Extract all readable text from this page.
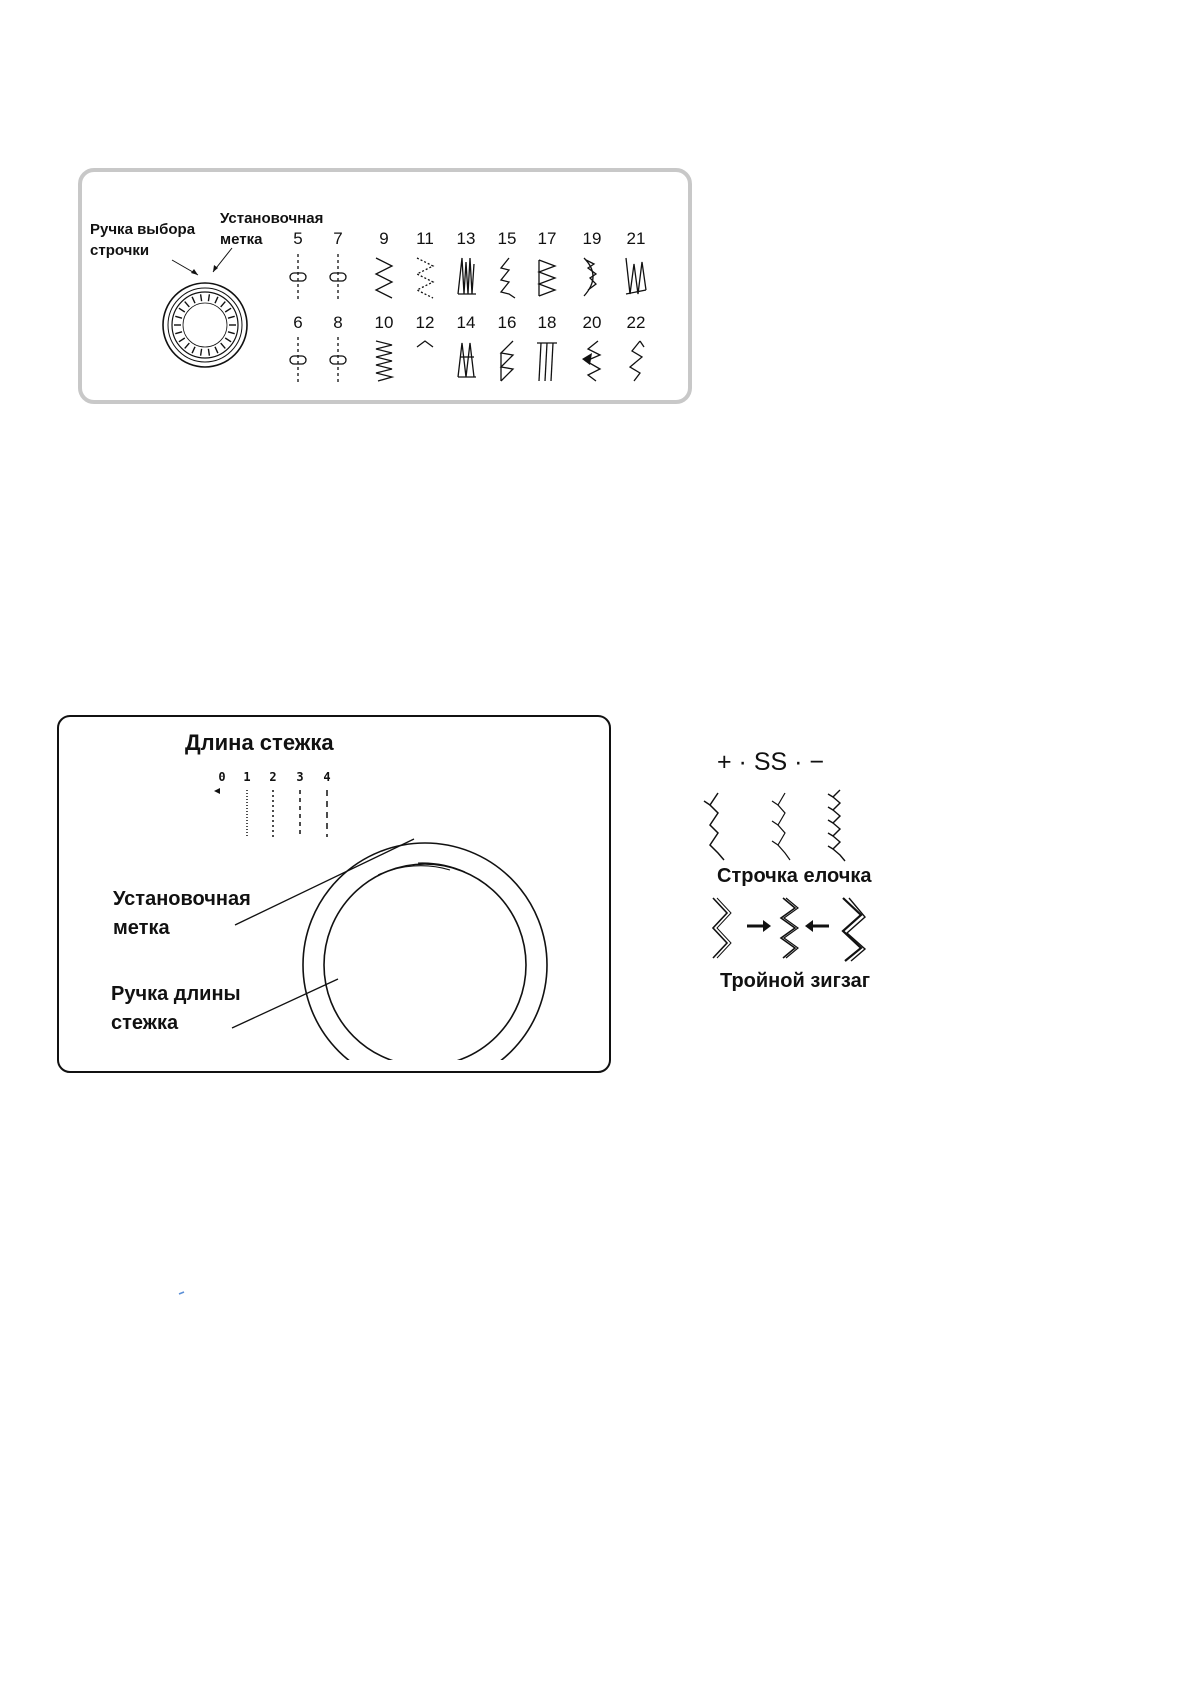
Ручка выбора
строчки
Установочная
метка	5	7	9	11	13	15	17	19	21
6	8	10	12	14	16	18	20	22
Длина стежка
0	1	2	3	4
Установочная
метка
Ручка длины
стежка
+ · SS · −
Строчка елочка
Тройной зигзаг
